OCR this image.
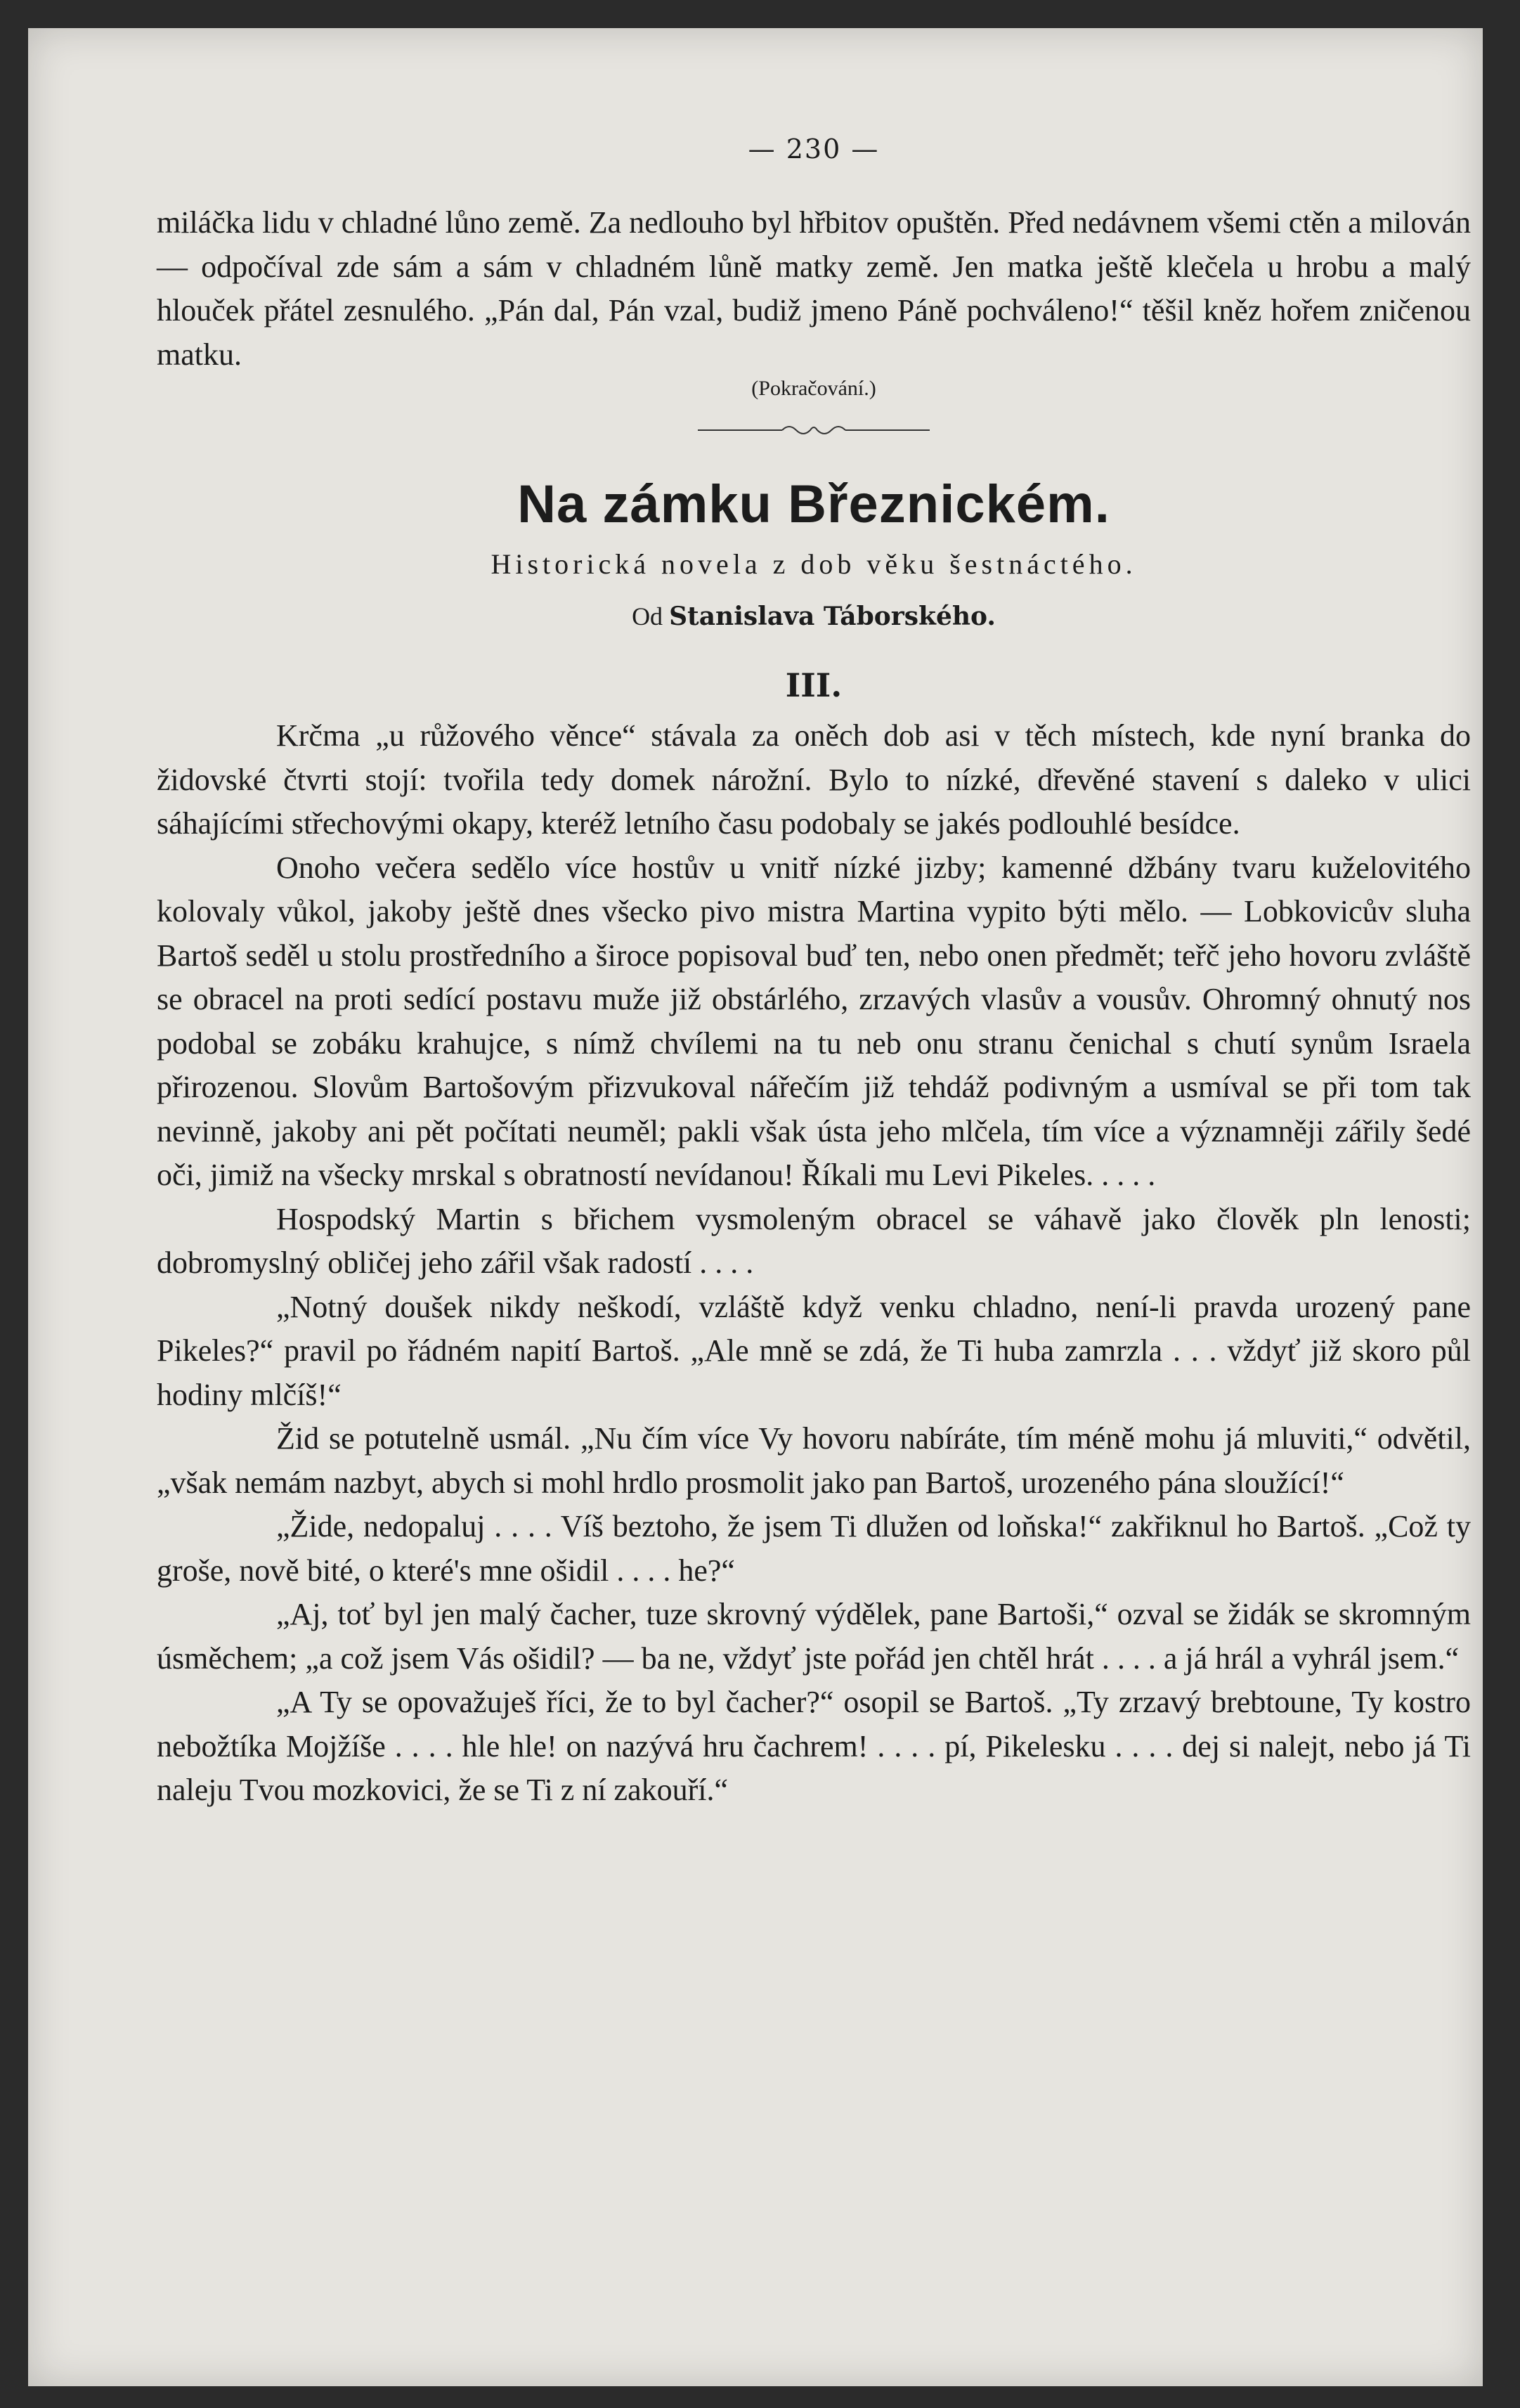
— 230 —

miláčka lidu v chladné lůno země. Za nedlouho byl hřbitov opuštěn. Před nedávnem všemi ctěn a milován — odpočíval zde sám a sám v chladném lůně matky země. Jen matka ještě klečela u hrobu a malý hlouček přátel zesnulého. „Pán dal, Pán vzal, budiž jmeno Páně pochváleno!“ těšil kněz hořem zničenou matku.

(Pokračování.)
Na zámku Březnickém.
Historická novela z dob věku šestnáctého.
Od Stanislava Táborského.
III.

Krčma „u růžového věnce“ stávala za oněch dob asi v těch místech, kde nyní branka do židovské čtvrti stojí: tvořila tedy domek nárožní. Bylo to nízké, dřevěné stavení s daleko v ulici sáhajícími střechovými okapy, kteréž letního času podobaly se jakés podlouhlé besídce.

Onoho večera sedělo více hostův u vnitř nízké jizby; kamenné džbány tvaru kuželovitého kolovaly vůkol, jakoby ještě dnes všecko pivo mistra Martina vypito býti mělo. — Lobkovicův sluha Bartoš seděl u stolu prostředního a široce popisoval buď ten, nebo onen předmět; teřč jeho hovoru zvláště se obracel na proti sedící postavu muže již obstárlého, zrzavých vlasův a vousův. Ohromný ohnutý nos podobal se zobáku krahujce, s nímž chvílemi na tu neb onu stranu čenichal s chutí synům Israela přirozenou. Slovům Bartošovým přizvukoval nářečím již tehdáž podivným a usmíval se při tom tak nevinně, jakoby ani pět počítati neuměl; pakli však ústa jeho mlčela, tím více a významněji zářily šedé oči, jimiž na všecky mrskal s obratností nevídanou! Říkali mu Levi Pikeles. . . . .

Hospodský Martin s břichem vysmoleným obracel se váhavě jako člověk pln lenosti; dobromyslný obličej jeho zářil však radostí . . . .

„Notný doušek nikdy neškodí, vzláště když venku chladno, není-li pravda urozený pane Pikeles?“ pravil po řádném napití Bartoš. „Ale mně se zdá, že Ti huba zamrzla . . . vždyť již skoro půl hodiny mlčíš!“

Žid se potutelně usmál. „Nu čím více Vy hovoru nabíráte, tím méně mohu já mluviti,“ odvětil, „však nemám nazbyt, abych si mohl hrdlo prosmolit jako pan Bartoš, urozeného pána sloužící!“

„Žide, nedopaluj . . . . Víš beztoho, že jsem Ti dlužen od loňska!“ zakřiknul ho Bartoš. „Což ty groše, nově bité, o které's mne ošidil . . . . he?“

„Aj, toť byl jen malý čacher, tuze skrovný výdělek, pane Bartoši,“ ozval se židák se skromným úsměchem; „a což jsem Vás ošidil? — ba ne, vždyť jste pořád jen chtěl hrát . . . . a já hrál a vyhrál jsem.“

„A Ty se opovažuješ říci, že to byl čacher?“ osopil se Bartoš. „Ty zrzavý brebtoune, Ty kostro nebožtíka Mojžíše . . . . hle hle! on nazývá hru čachrem! . . . . pí, Pikelesku . . . . dej si nalejt, nebo já Ti naleju Tvou mozkovici, že se Ti z ní zakouří.“
